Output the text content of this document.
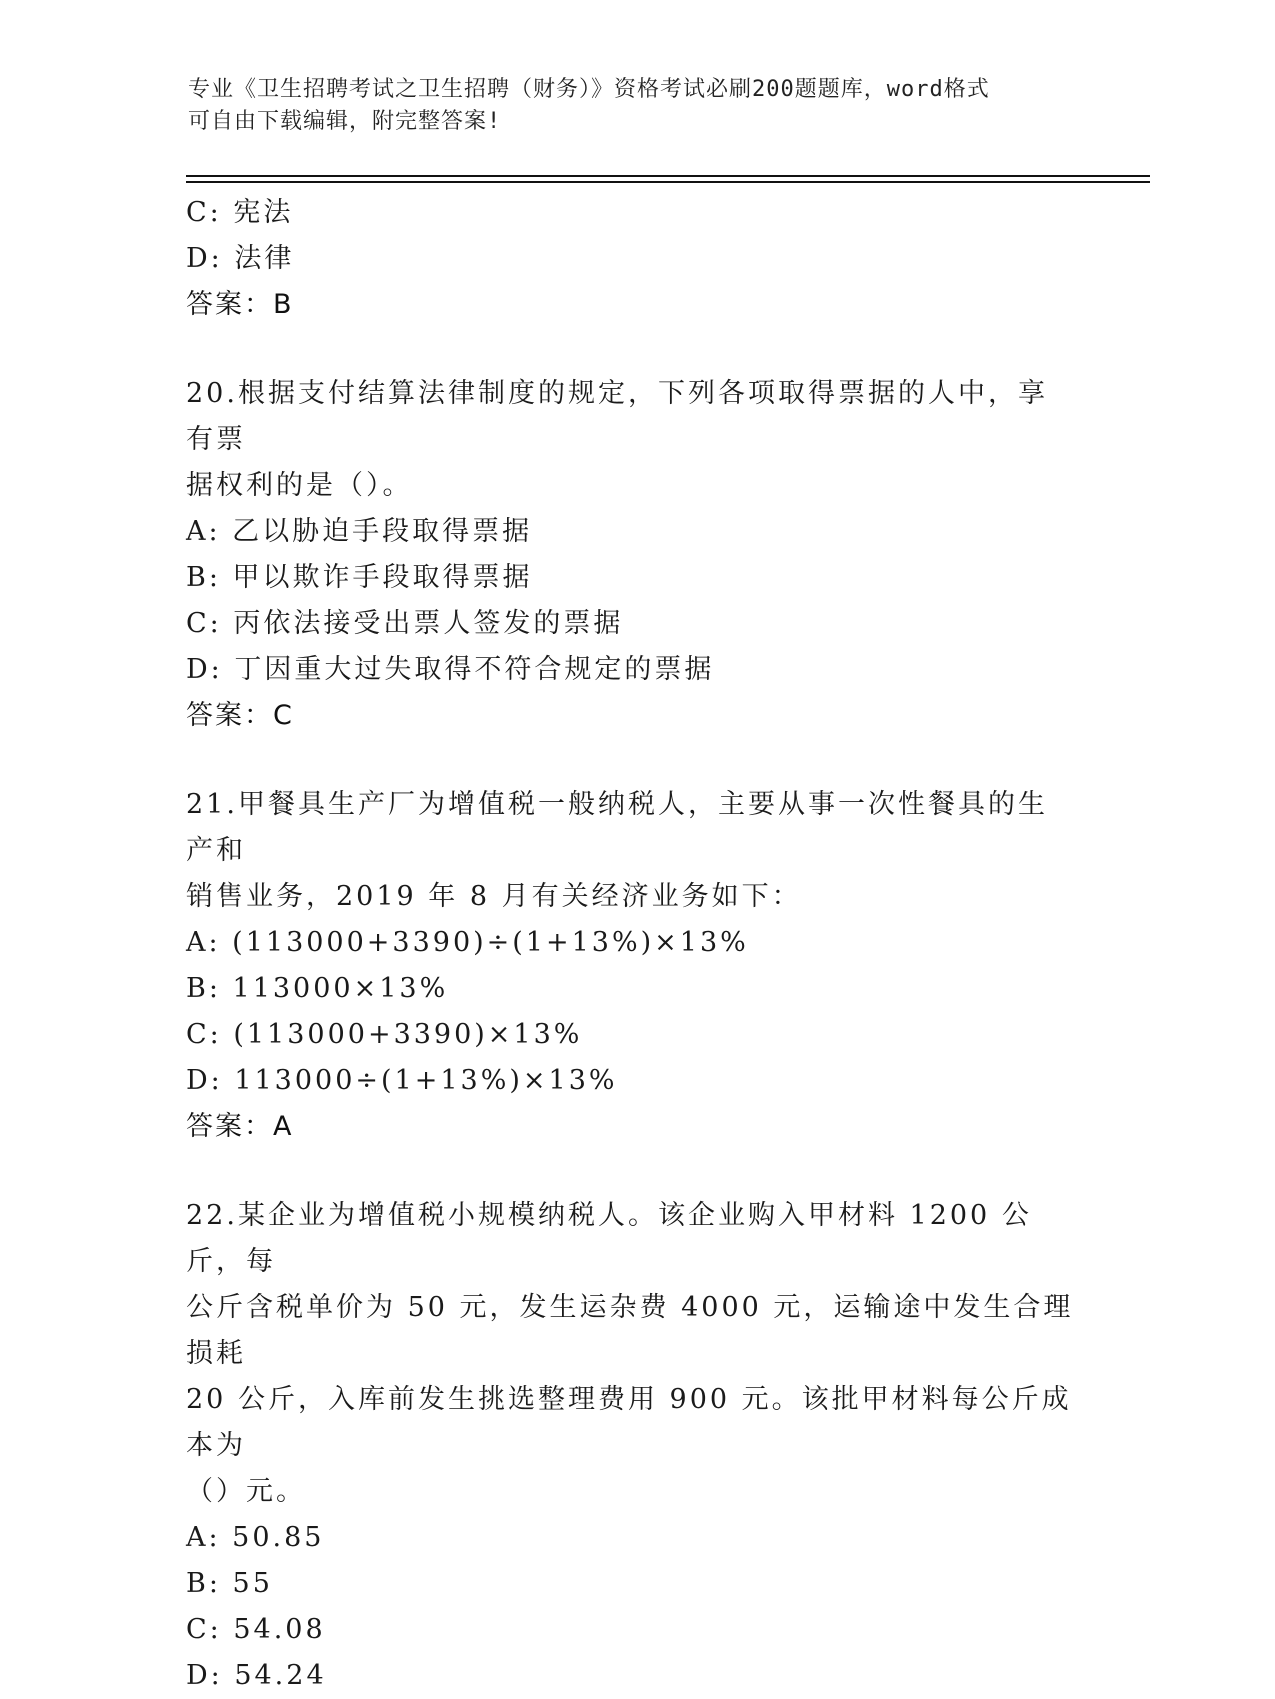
专业《卫生招聘考试之卫生招聘（财务）》资格考试必刷200题题库，word格式
可自由下载编辑，附完整答案!
C: 宪法
D: 法律
答案：B
20.根据支付结算法律制度的规定，下列各项取得票据的人中，享有票
据权利的是（）。
A: 乙以胁迫手段取得票据
B: 甲以欺诈手段取得票据
C: 丙依法接受出票人签发的票据
D: 丁因重大过失取得不符合规定的票据
答案：C
21.甲餐具生产厂为增值税一般纳税人，主要从事一次性餐具的生产和
销售业务，2019 年 8 月有关经济业务如下：
A: (113000+3390)÷(1+13%)×13%
B: 113000×13%
C: (113000+3390)×13%
D: 113000÷(1+13%)×13%
答案：A
22.某企业为增值税小规模纳税人。该企业购入甲材料 1200 公斤，每
公斤含税单价为 50 元，发生运杂费 4000 元，运输途中发生合理损耗
20 公斤，入库前发生挑选整理费用 900 元。该批甲材料每公斤成本为
（）元。
A: 50.85
B: 55
C: 54.08
D: 54.24
